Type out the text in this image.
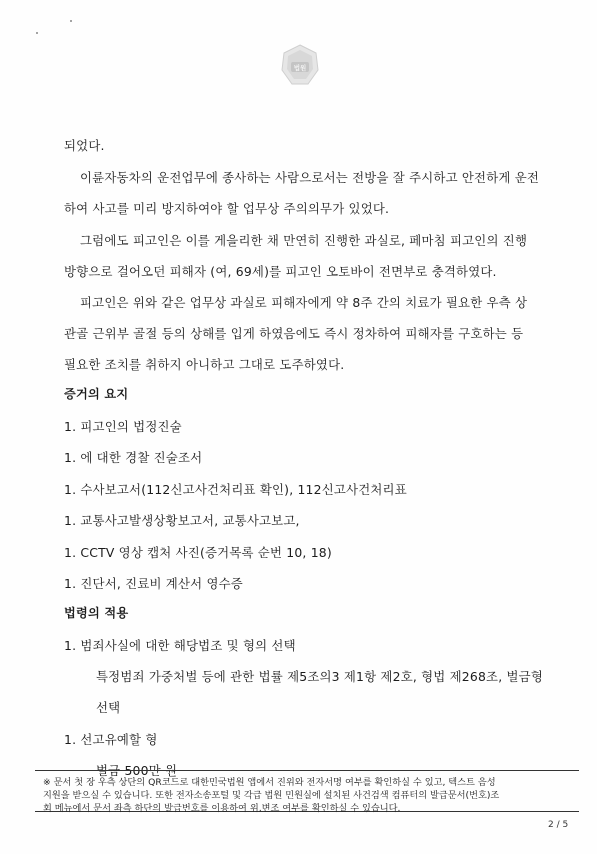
법원
되었다.
이륜자동차의 운전업무에 종사하는 사람으로서는 전방을 잘 주시하고 안전하게 운전
하여 사고를 미리 방지하여야 할 업무상 주의의무가 있었다.
그럼에도 피고인은 이를 게을리한 채 만연히 진행한 과실로, 페마침 피고인의 진행
방향으로 걸어오던 피해자 (여, 69세)를 피고인 오토바이 전면부로 충격하였다.
피고인은 위와 같은 업무상 과실로 피해자에게 약 8주 간의 치료가 필요한 우측 상
관골 근위부 골절 등의 상해를 입게 하였음에도 즉시 정차하여 피해자를 구호하는 등
필요한 조치를 취하지 아니하고 그대로 도주하였다.
증거의 요지
1. 피고인의 법정진술
1. 에 대한 경찰 진술조서
1. 수사보고서(112신고사건처리표 확인), 112신고사건처리표
1. 교통사고발생상황보고서, 교통사고보고,
1. CCTV 영상 캡처 사진(증거목록 순번 10, 18)
1. 진단서, 진료비 계산서 영수증
법령의 적용
1. 범죄사실에 대한 해당법조 및 형의 선택
특정범죄 가중처벌 등에 관한 법률 제5조의3 제1항 제2호, 형법 제268조, 벌금형
선택
1. 선고유예할 형
벌금 500만 원
※ 문서 첫 장 우측 상단의 QR코드로 대한민국법원 앱에서 진위와 전자서명 여부를 확인하실 수 있고, 텍스트 음성
지원을 받으실 수 있습니다. 또한 전자소송포털 및 각급 법원 민원실에 설치된 사건검색 컴퓨터의 발급문서(번호)조
회 메뉴에서 문서 좌측 하단의 발급번호를 이용하여 위,변조 여부를 확인하실 수 있습니다.
2 / 5
